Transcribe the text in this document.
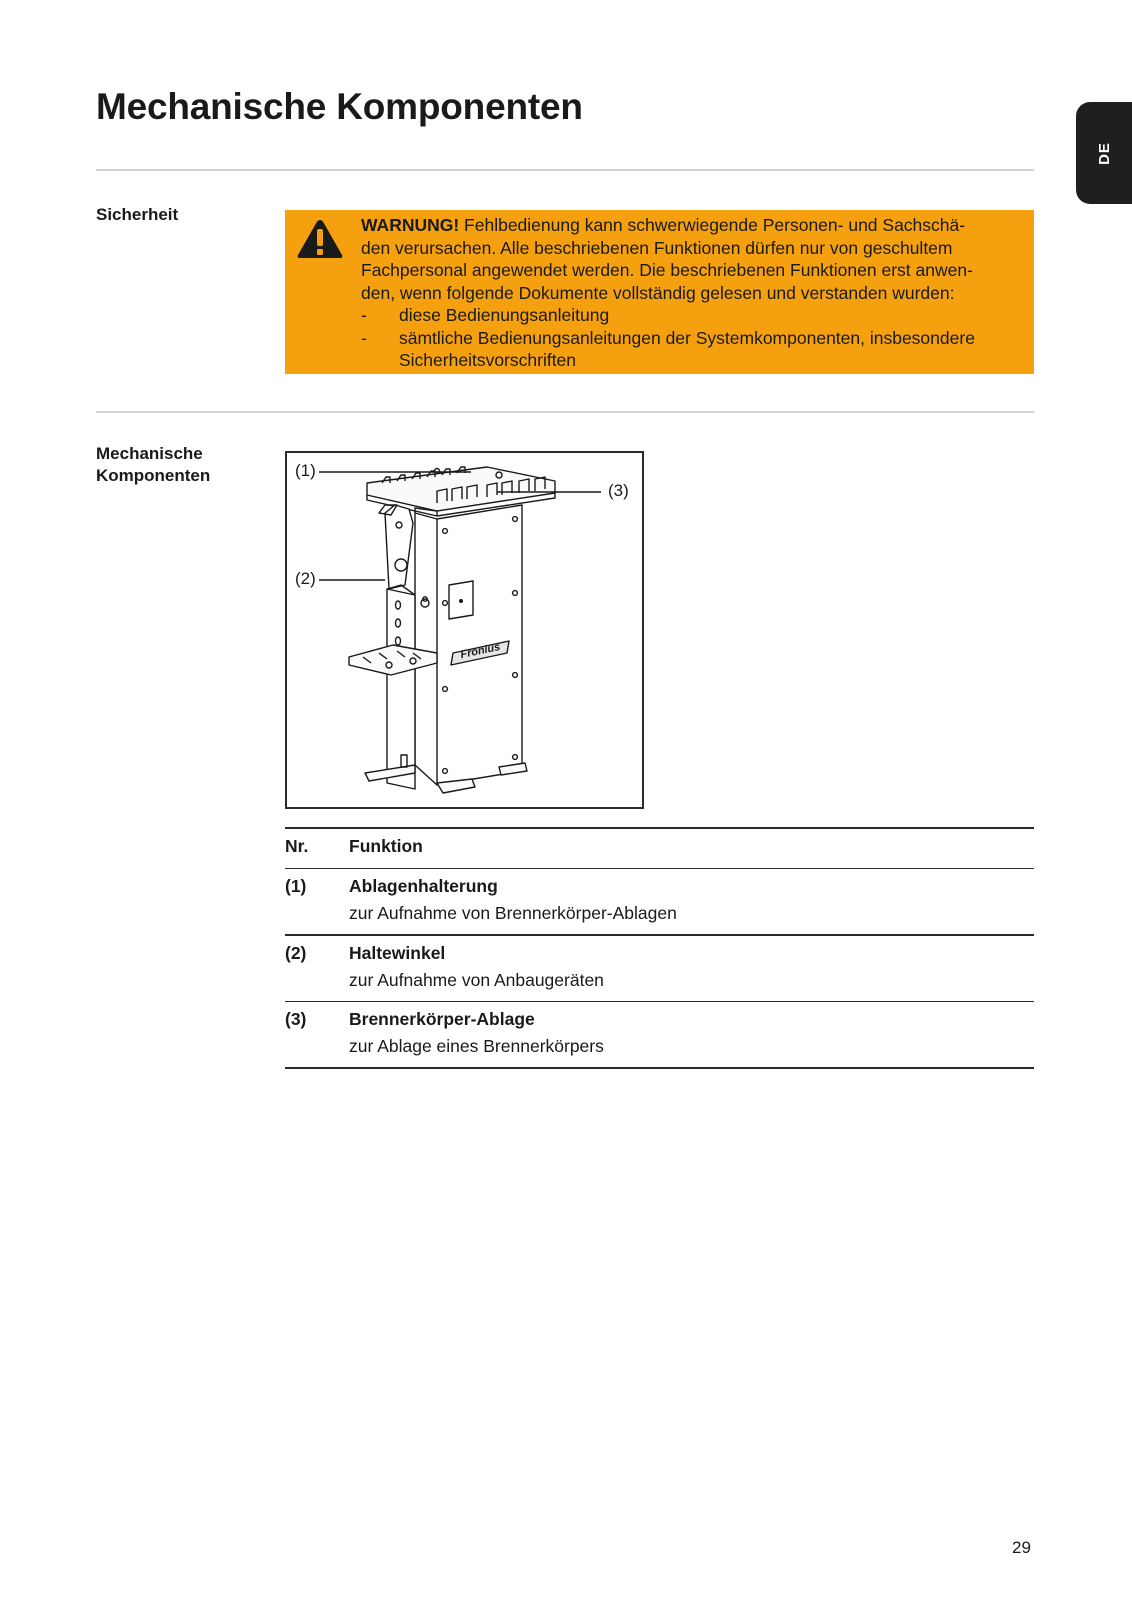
Mechanische Komponenten
DE
Sicherheit
WARNUNG! Fehlbedienung kann schwerwiegende Personen- und Sachschä-
den verursachen. Alle beschriebenen Funktionen dürfen nur von geschultem
Fachpersonal angewendet werden. Die beschriebenen Funktionen erst anwen-
den, wenn folgende Dokumente vollständig gelesen und verstanden wurden:
-	diese Bedienungsanleitung
-	sämtliche Bedienungsanleitungen der Systemkomponenten, insbesondere
Sicherheitsvorschriften
Mechanische
Komponenten
Fronius
(1)
(3)
(2)
Nr.	Funktion
(1)	Ablagenhalterung
zur Aufnahme von Brennerkörper-Ablagen
(2)	Haltewinkel
zur Aufnahme von Anbaugeräten
(3)	Brennerkörper-Ablage
zur Ablage eines Brennerkörpers
29
